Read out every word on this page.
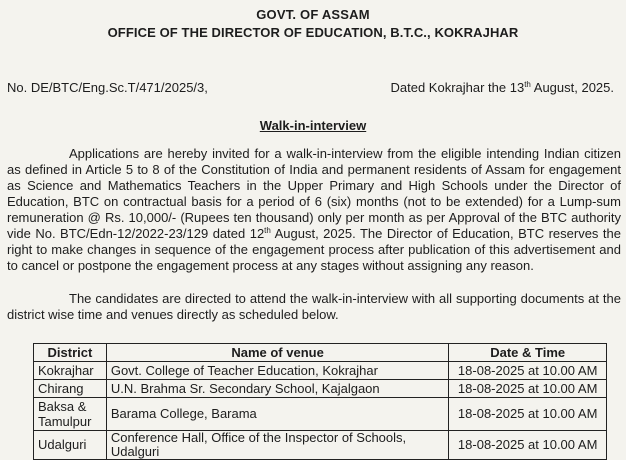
GOVT. OF ASSAM
OFFICE OF THE DIRECTOR OF EDUCATION, B.T.C., KOKRAJHAR
No. DE/BTC/Eng.Sc.T/471/2025/3,	Dated Kokrajhar the 13th August, 2025.
Walk-in-interview
Applications are hereby invited for a walk-in-interview from the eligible intending Indian citizen as defined in Article 5 to 8 of the Constitution of India and permanent residents of Assam for engagement as Science and Mathematics Teachers in the Upper Primary and High Schools under the Director of Education, BTC on contractual basis for a period of 6 (six) months (not to be extended) for a Lump-sum remuneration @ Rs. 10,000/- (Rupees ten thousand) only per month as per Approval of the BTC authority vide No. BTC/Edn-12/2022-23/129 dated 12th August, 2025. The Director of Education, BTC reserves the right to make changes in sequence of the engagement process after publication of this advertisement and to cancel or postpone the engagement process at any stages without assigning any reason.
The candidates are directed to attend the walk-in-interview with all supporting documents at the district wise time and venues directly as scheduled below.
District	Name of venue	Date & Time
Kokrajhar	Govt. College of Teacher Education, Kokrajhar	18-08-2025 at 10.00 AM
Chirang	U.N. Brahma Sr. Secondary School, Kajalgaon	18-08-2025 at 10.00 AM
Baksa & Tamulpur	Barama College, Barama	18-08-2025 at 10.00 AM
Udalguri	Conference Hall, Office of the Inspector of Schools, Udalguri	18-08-2025 at 10.00 AM
